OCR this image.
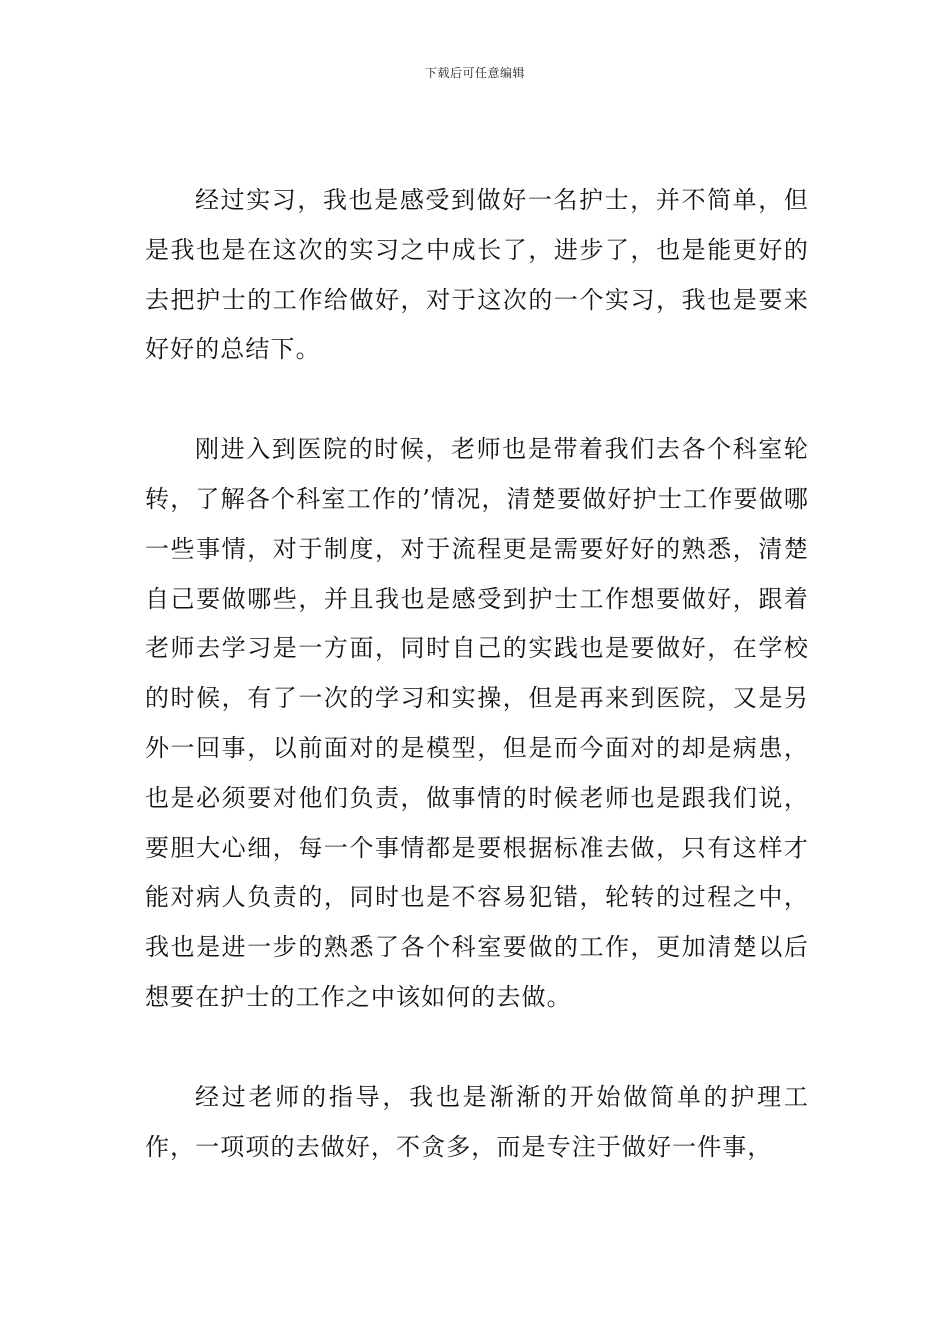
下载后可任意编辑

经过实习，我也是感受到做好一名护士，并不简单，但是我也是在这次的实习之中成长了，进步了，也是能更好的去把护士的工作给做好，对于这次的一个实习，我也是要来好好的总结下。

刚进入到医院的时候，老师也是带着我们去各个科室轮转，了解各个科室工作的’情况，清楚要做好护士工作要做哪一些事情，对于制度，对于流程更是需要好好的熟悉，清楚自己要做哪些，并且我也是感受到护士工作想要做好，跟着老师去学习是一方面，同时自己的实践也是要做好，在学校的时候，有了一次的学习和实操，但是再来到医院，又是另外一回事，以前面对的是模型，但是而今面对的却是病患，也是必须要对他们负责，做事情的时候老师也是跟我们说，要胆大心细，每一个事情都是要根据标准去做，只有这样才能对病人负责的，同时也是不容易犯错，轮转的过程之中，我也是进一步的熟悉了各个科室要做的工作，更加清楚以后想要在护士的工作之中该如何的去做。

经过老师的指导，我也是渐渐的开始做简单的护理工作，一项项的去做好，不贪多，而是专注于做好一件事，
